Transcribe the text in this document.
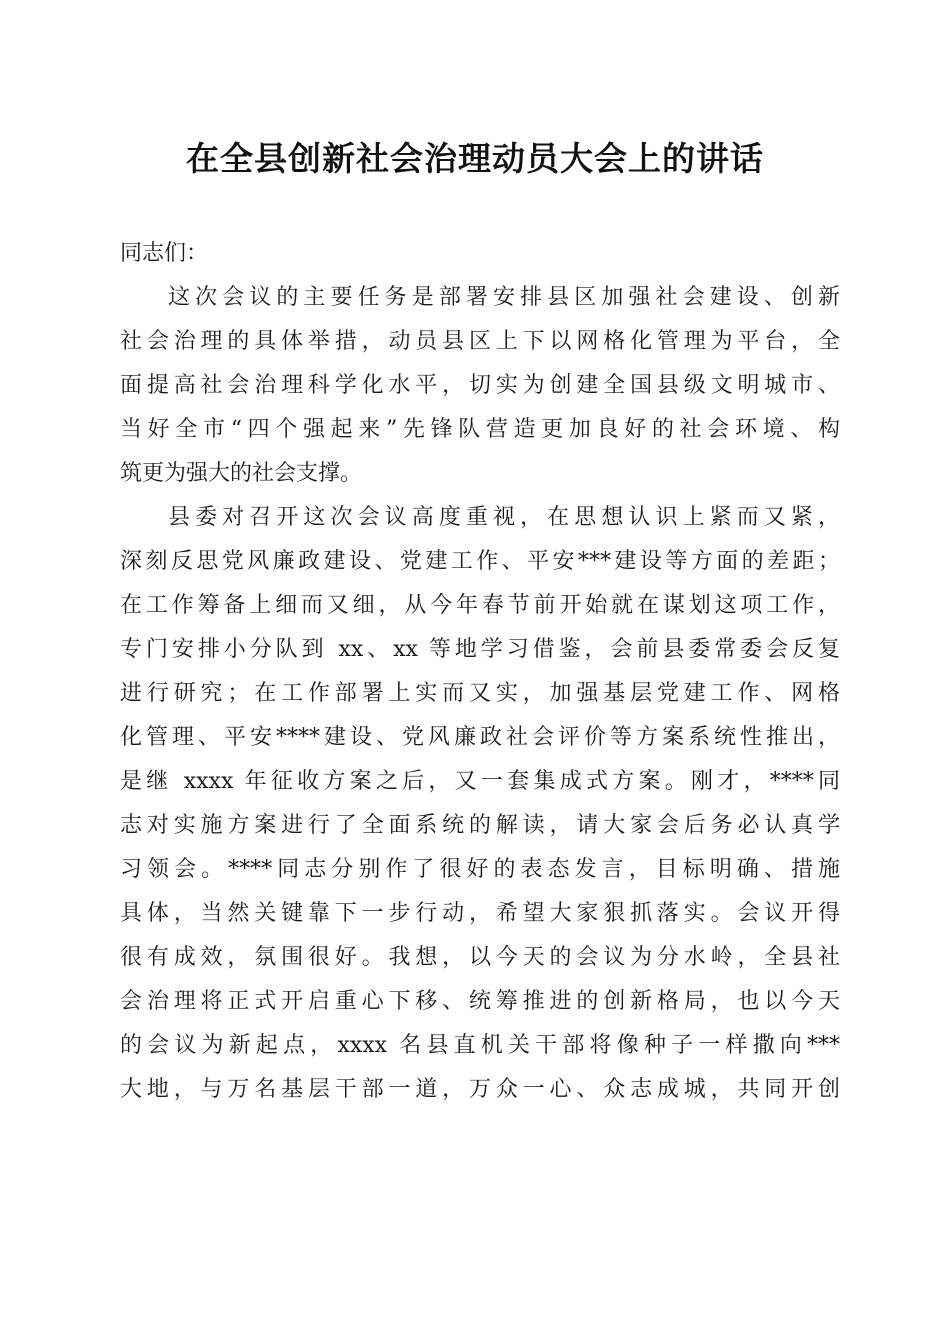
在全县创新社会治理动员大会上的讲话
同志们：
这次会议的主要任务是部署安排县区加强社会建设、创新
社会治理的具体举措，动员县区上下以网格化管理为平台，全
面提高社会治理科学化水平，切实为创建全国县级文明城市、
当好全市“四个强起来”先锋队营造更加良好的社会环境、构
筑更为强大的社会支撑。
县委对召开这次会议高度重视，在思想认识上紧而又紧，
深刻反思党风廉政建设、党建工作、平安***建设等方面的差距；
在工作筹备上细而又细，从今年春节前开始就在谋划这项工作，
专门安排小分队到 xx、xx 等地学习借鉴，会前县委常委会反复
进行研究；在工作部署上实而又实，加强基层党建工作、网格
化管理、平安****建设、党风廉政社会评价等方案系统性推出，
是继 xxxx 年征收方案之后，又一套集成式方案。刚才，****同
志对实施方案进行了全面系统的解读，请大家会后务必认真学
习领会。****同志分别作了很好的表态发言，目标明确、措施
具体，当然关键靠下一步行动，希望大家狠抓落实。会议开得
很有成效，氛围很好。我想，以今天的会议为分水岭，全县社
会治理将正式开启重心下移、统筹推进的创新格局，也以今天
的会议为新起点，xxxx 名县直机关干部将像种子一样撒向***
大地，与万名基层干部一道，万众一心、众志成城，共同开创
